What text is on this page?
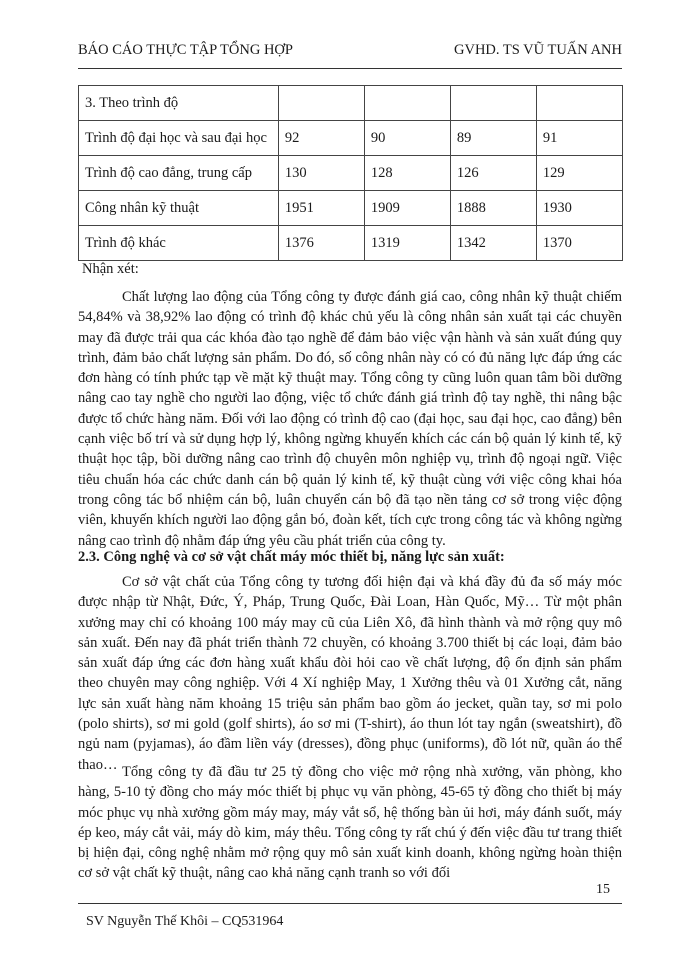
BÁO CÁO THỰC TẬP TỔNG HỢP	GVHD. TS VŨ TUẤN ANH
3. Theo trình độ				
Trình độ đại học và sau đại học	92	90	89	91
Trình độ cao đẳng, trung cấp	130	128	126	129
Công nhân kỹ thuật	1951	1909	1888	1930
Trình độ khác	1376	1319	1342	1370
Nhận xét:

Chất lượng lao động của Tổng công ty được đánh giá cao, công nhân kỹ thuật chiếm 54,84% và 38,92% lao động có trình độ khác chủ yếu là công nhân sản xuất tại các chuyền may đã được trải qua các khóa đào tạo nghề để đảm bảo việc vận hành và sản xuất đúng quy trình, đảm bảo chất lượng sản phẩm. Do đó, số công nhân này có có đủ năng lực đáp ứng các đơn hàng có tính phức tạp về mặt kỹ thuật may. Tổng công ty cũng luôn quan tâm bồi dưỡng nâng cao tay nghề cho người lao động, việc tổ chức đánh giá trình độ tay nghề, thi nâng bậc được tổ chức hàng năm. Đối với lao động có trình độ cao (đại học, sau đại học, cao đẳng) bên cạnh việc bố trí và sử dụng hợp lý, không ngừng khuyến khích các cán bộ quản lý kinh tế, kỹ thuật học tập, bồi dưỡng nâng cao trình độ chuyên môn nghiệp vụ, trình độ ngoại ngữ. Việc tiêu chuẩn hóa các chức danh cán bộ quản lý kinh tế, kỹ thuật cùng với việc công khai hóa trong công tác bổ nhiệm cán bộ, luân chuyển cán bộ đã tạo nền tảng cơ sở trong việc động viên, khuyến khích người lao động gắn bó, đoàn kết, tích cực trong công tác và không ngừng nâng cao trình độ nhằm đáp ứng yêu cầu phát triển của công ty.

2.3. Công nghệ và cơ sở vật chất máy móc thiết bị, năng lực sản xuất:

Cơ sở vật chất của Tổng công ty tương đối hiện đại và khá đầy đủ đa số máy móc được nhập từ Nhật, Đức, Ý, Pháp, Trung Quốc, Đài Loan, Hàn Quốc, Mỹ… Từ một phân xưởng may chỉ có khoảng 100 máy may cũ của Liên Xô, đã hình thành và mở rộng quy mô sản xuất. Đến nay đã phát triển thành 72 chuyền, có khoảng 3.700 thiết bị các loại, đảm bảo sản xuất đáp ứng các đơn hàng xuất khẩu đòi hỏi cao về chất lượng, độ ổn định sản phẩm theo chuyên may công nghiệp. Với 4 Xí nghiệp May, 1 Xưởng thêu và 01 Xưởng cắt, năng lực sản xuất hàng năm khoảng 15 triệu sản phẩm bao gồm áo jecket, quần tay, sơ mi polo (polo shirts), sơ mi gold (golf shirts), áo sơ mi (T-shirt), áo thun lót tay ngắn (sweatshirt), đồ ngủ nam (pyjamas), áo đầm liền váy (dresses), đồng phục (uniforms), đồ lót nữ, quần áo thể thao… Tổng công ty đã đầu tư 25 tỷ đồng cho việc mở rộng nhà xưởng, văn phòng, kho hàng, 5-10 tỷ đồng cho máy móc thiết bị phục vụ văn phòng, 45-65 tỷ đồng cho thiết bị máy móc phục vụ nhà xưởng gồm máy may, máy vắt sổ, hệ thống bàn ủi hơi, máy đánh suốt, máy ép keo, máy cắt vải, máy dò kim, máy thêu. Tổng công ty rất chú ý đến việc đầu tư trang thiết bị hiện đại, công nghệ nhằm mở rộng quy mô sản xuất kinh doanh, không ngừng hoàn thiện cơ sở vật chất kỹ thuật, nâng cao khả năng cạnh tranh so với đối

15
SV Nguyễn Thế Khôi – CQ531964
